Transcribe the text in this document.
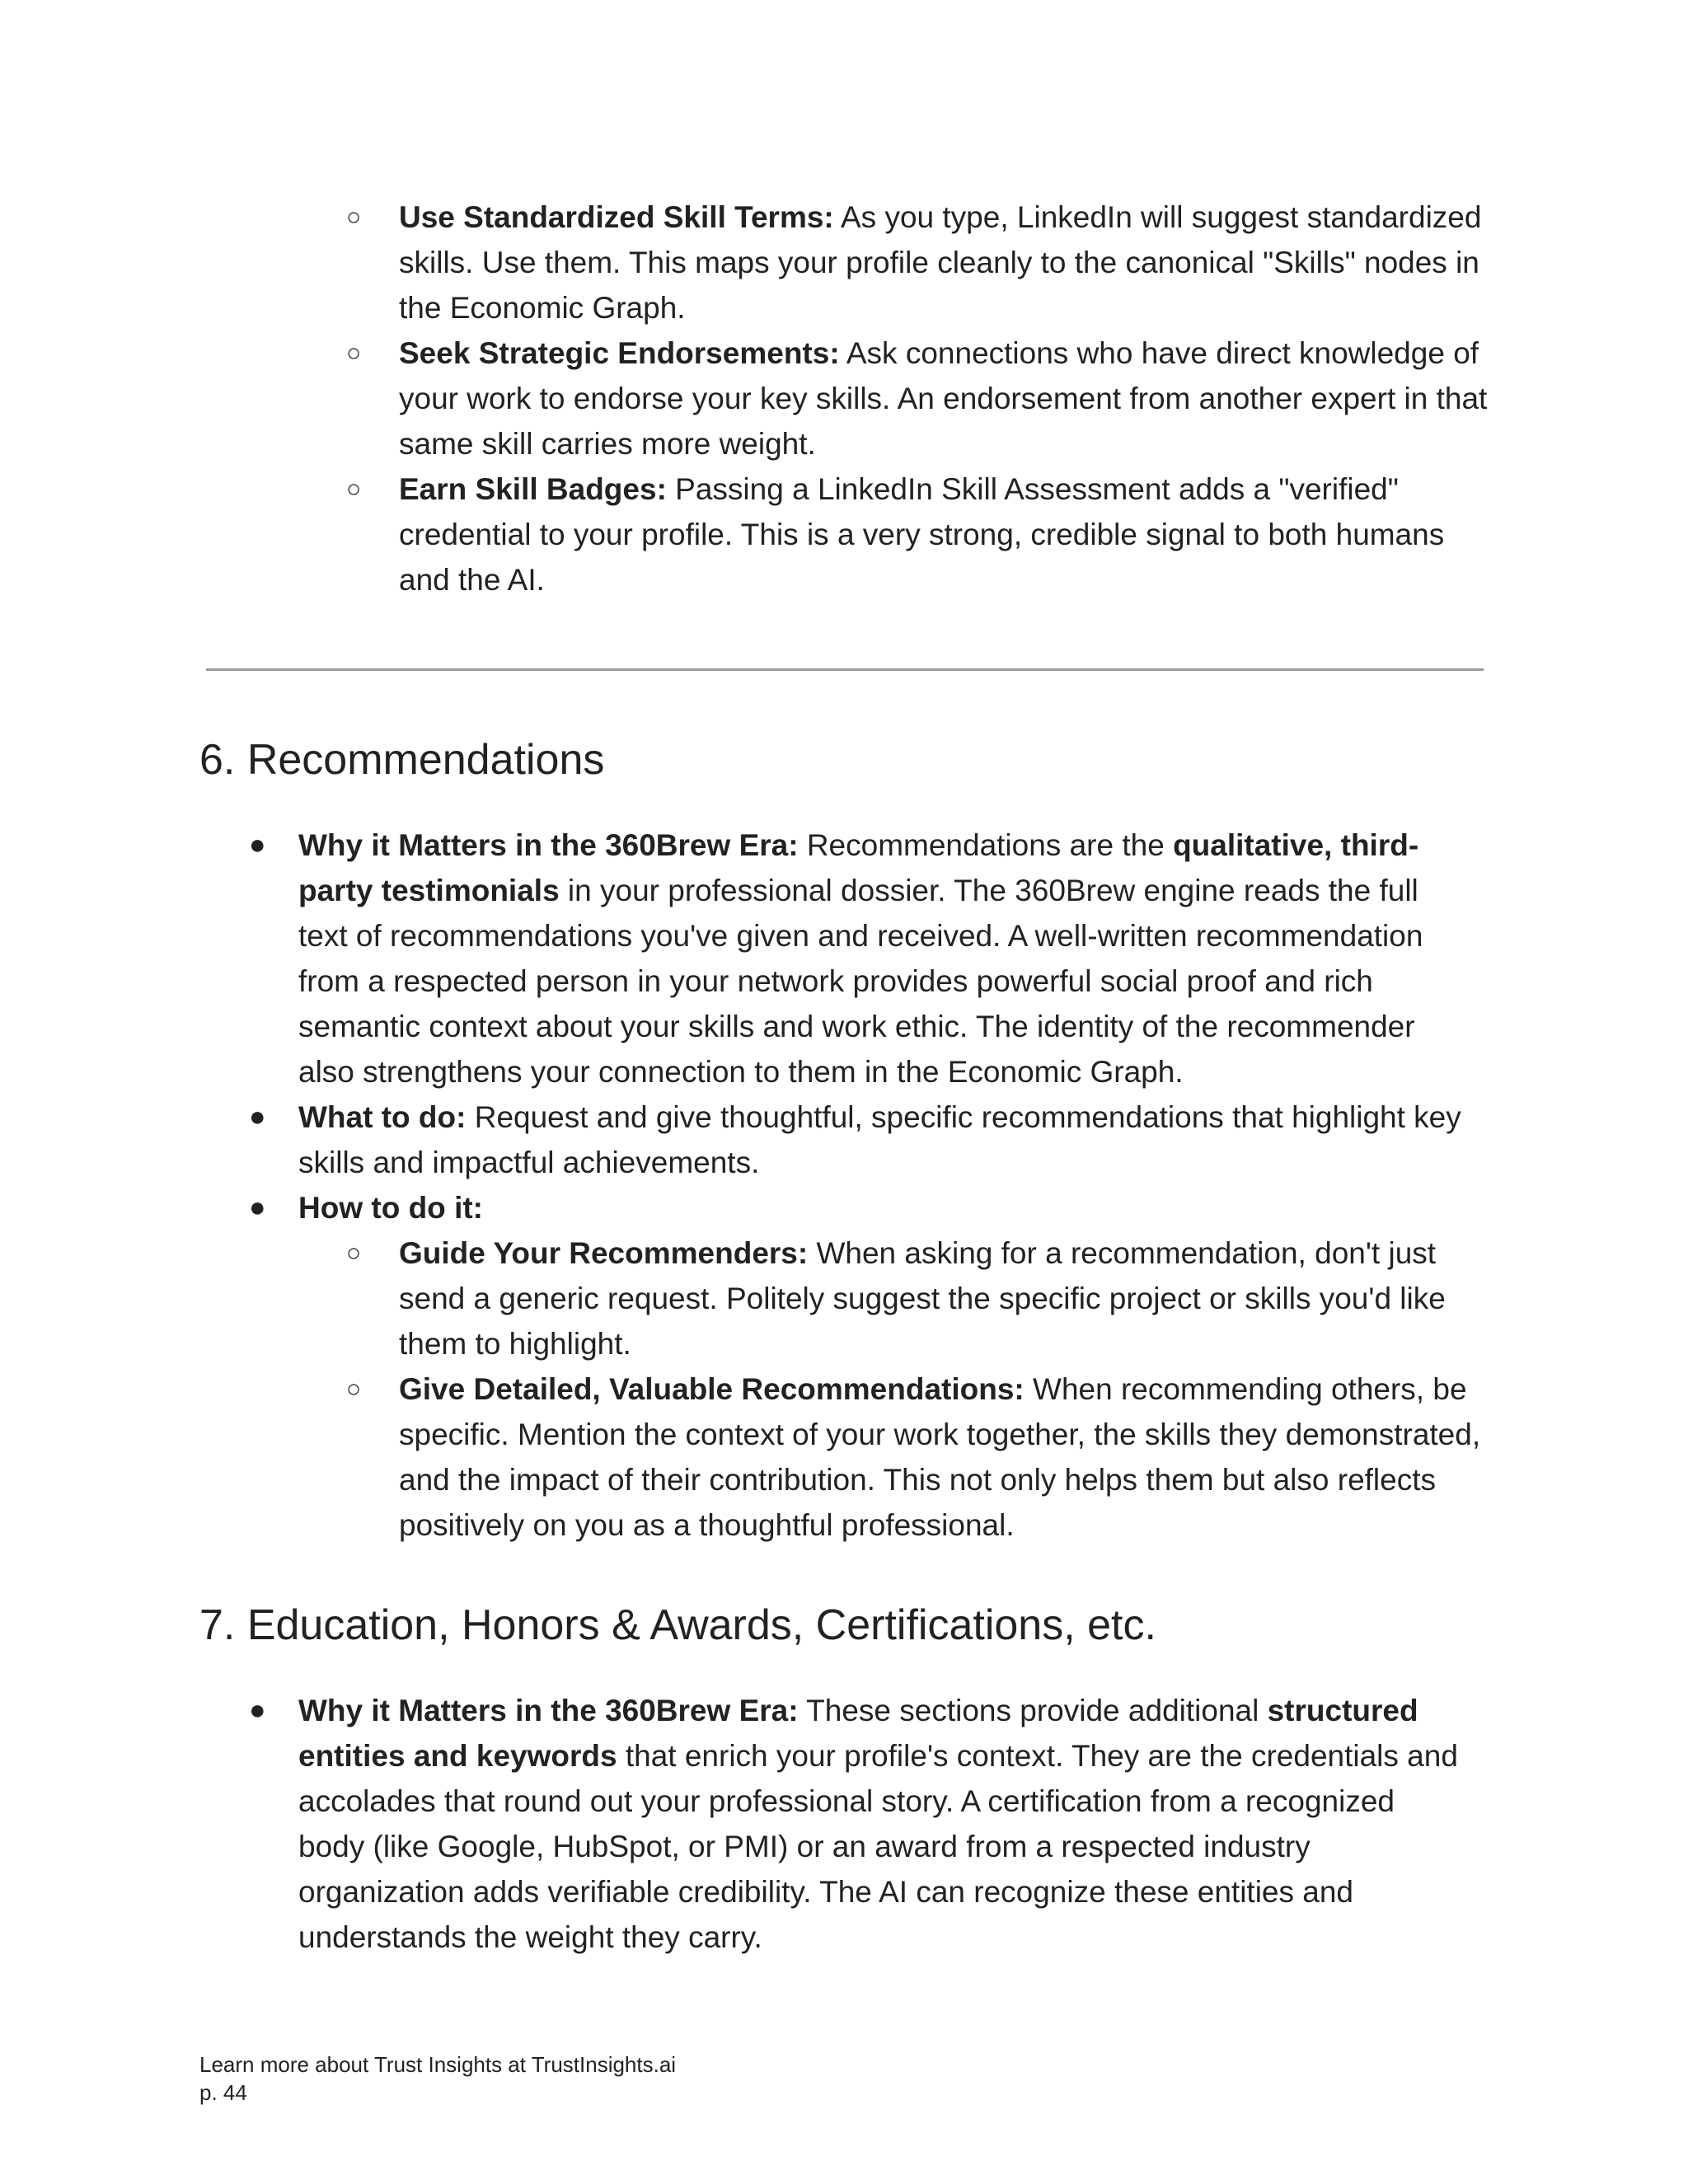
○ Use Standardized Skill Terms: As you type, LinkedIn will suggest standardized skills. Use them. This maps your profile cleanly to the canonical "Skills" nodes in the Economic Graph.
○ Seek Strategic Endorsements: Ask connections who have direct knowledge of your work to endorse your key skills. An endorsement from another expert in that same skill carries more weight.
○ Earn Skill Badges: Passing a LinkedIn Skill Assessment adds a "verified" credential to your profile. This is a very strong, credible signal to both humans and the AI.
6. Recommendations
● Why it Matters in the 360Brew Era: Recommendations are the qualitative, third-party testimonials in your professional dossier. The 360Brew engine reads the full text of recommendations you've given and received. A well-written recommendation from a respected person in your network provides powerful social proof and rich semantic context about your skills and work ethic. The identity of the recommender also strengthens your connection to them in the Economic Graph.
● What to do: Request and give thoughtful, specific recommendations that highlight key skills and impactful achievements.
● How to do it:
○ Guide Your Recommenders: When asking for a recommendation, don't just send a generic request. Politely suggest the specific project or skills you'd like them to highlight.
○ Give Detailed, Valuable Recommendations: When recommending others, be specific. Mention the context of your work together, the skills they demonstrated, and the impact of their contribution. This not only helps them but also reflects positively on you as a thoughtful professional.
7. Education, Honors & Awards, Certifications, etc.
● Why it Matters in the 360Brew Era: These sections provide additional structured entities and keywords that enrich your profile's context. They are the credentials and accolades that round out your professional story. A certification from a recognized body (like Google, HubSpot, or PMI) or an award from a respected industry organization adds verifiable credibility. The AI can recognize these entities and understands the weight they carry.
Learn more about Trust Insights at TrustInsights.ai
p. 44
